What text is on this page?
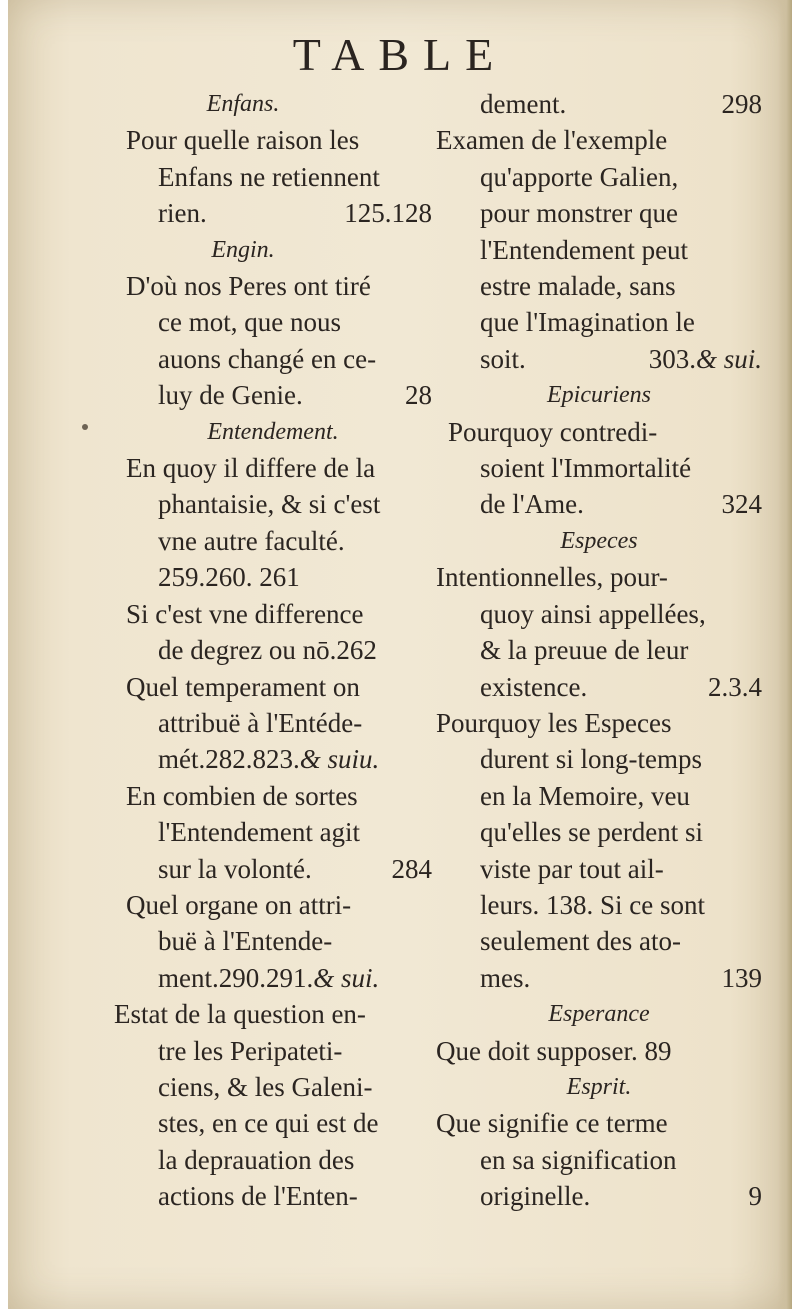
TABLE
Enfans.
Pour quelle raison les
Enfans ne retiennent
rien.	125.128
Engin.
D'où nos Peres ont tiré
ce mot, que nous
auons changé en ce-
luy de Genie.	28
Entendement.
En quoy il differe de la
phantaisie, & si c'est
vne autre faculté.
259.260. 261
Si c'est vne difference
de degrez ou nō.262
Quel temperament on
attribuë à l'Entéde-
mét.282.823.& suiu.
En combien de sortes
l'Entendement agit
sur la volonté.	284
Quel organe on attri-
buë à l'Entende-
ment.290.291.& sui.
Estat de la question en-
tre les Peripateti-
ciens, & les Galeni-
stes, en ce qui est de
la deprauation des
actions de l'Enten-
dement.	298
Examen de l'exemple
qu'apporte Galien,
pour monstrer que
l'Entendement peut
estre malade, sans
que l'Imagination le
soit.	303.& sui.
Epicuriens
Pourquoy contredi-
soient l'Immortalité
de l'Ame.	324
Especes
Intentionnelles, pour-
quoy ainsi appellées,
& la preuue de leur
existence.	2.3.4
Pourquoy les Especes
durent si long-temps
en la Memoire, veu
qu'elles se perdent si
viste par tout ail-
leurs. 138. Si ce sont
seulement des ato-
mes.	139
Esperance
Que doit supposer. 89
Esprit.
Que signifie ce terme
en sa signification
originelle.	9
